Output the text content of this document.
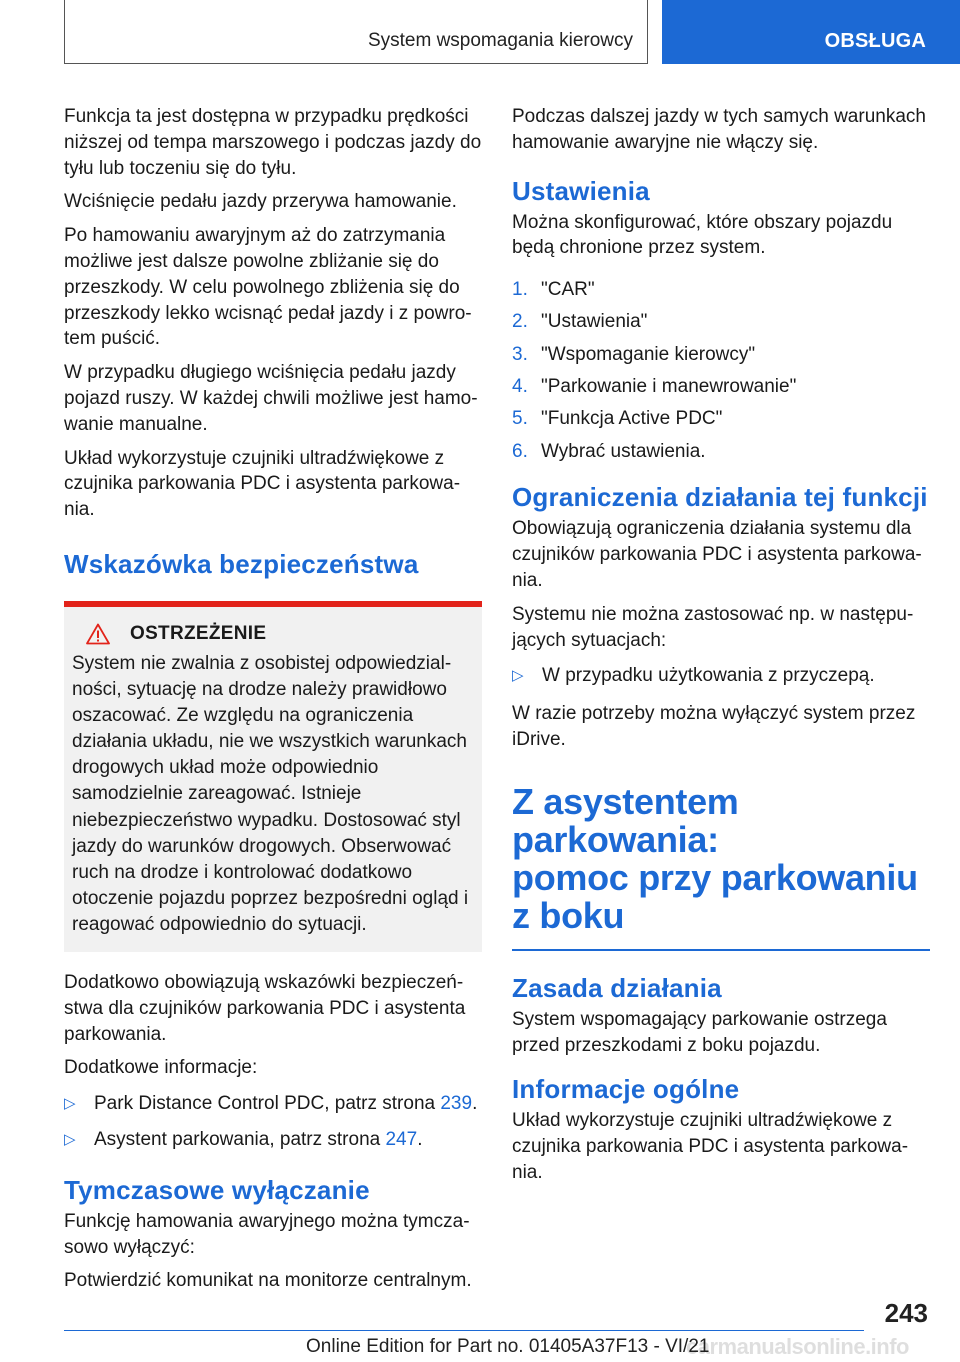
System wspomagania kierowcy	OBSŁUGA

Funkcja ta jest dostępna w przypadku prędkości niższej od tempa marszowego i podczas jazdy do tyłu lub toczeniu się do tyłu.

Wciśnięcie pedału jazdy przerywa hamowanie.

Po hamowaniu awaryjnym aż do zatrzymania możliwe jest dalsze powolne zbliżanie się do przeszkody. W celu powolnego zbliżenia się do przeszkody lekko wcisnąć pedał jazdy i z powrotem puścić.

W przypadku długiego wciśnięcia pedału jazdy pojazd ruszy. W każdej chwili możliwe jest hamowanie manualne.

Układ wykorzystuje czujniki ultradźwiękowe z czujnika parkowania PDC i asystenta parkowania.

Wskazówka bezpieczeństwa
OSTRZEŻENIE

System nie zwalnia z osobistej odpowiedzialności, sytuację na drodze należy prawidłowo oszacować. Ze względu na ograniczenia działania układu, nie we wszystkich warunkach drogowych układ może odpowiednio samodzielnie zareagować. Istnieje niebezpieczeństwo wypadku. Dostosować styl jazdy do warunków drogowych. Obserwować ruch na drodze i kontrolować dodatkowo otoczenie pojazdu poprzez bezpośredni ogląd i reagować odpowiednio do sytuacji.

Dodatkowo obowiązują wskazówki bezpieczeństwa dla czujników parkowania PDC i asystenta parkowania.

Dodatkowe informacje:

▷ Park Distance Control PDC, patrz strona 239.
▷ Asystent parkowania, patrz strona 247.
Tymczasowe wyłączanie

Funkcję hamowania awaryjnego można tymczasowo wyłączyć:

Potwierdzić komunikat na monitorze centralnym.

Podczas dalszej jazdy w tych samych warunkach hamowanie awaryjne nie włączy się.

Ustawienia

Można skonfigurować, które obszary pojazdu będą chronione przez system.

1. "CAR"
2. "Ustawienia"
3. "Wspomaganie kierowcy"
4. "Parkowanie i manewrowanie"
5. "Funkcja Active PDC"
6. Wybrać ustawienia.
Ograniczenia działania tej funkcji

Obowiązują ograniczenia działania systemu dla czujników parkowania PDC i asystenta parkowania.

Systemu nie można zastosować np. w następujących sytuacjach:

▷ W przypadku użytkowania z przyczepą.

W razie potrzeby można wyłączyć system przez iDrive.

Z asystentem parkowania:
pomoc przy parkowaniu
z boku
Zasada działania

System wspomagający parkowanie ostrzega przed przeszkodami z boku pojazdu.

Informacje ogólne

Układ wykorzystuje czujniki ultradźwiękowe z czujnika parkowania PDC i asystenta parkowania.

243
Online Edition for Part no. 01405A37F13 - VI/21
carmanualsonline.info
